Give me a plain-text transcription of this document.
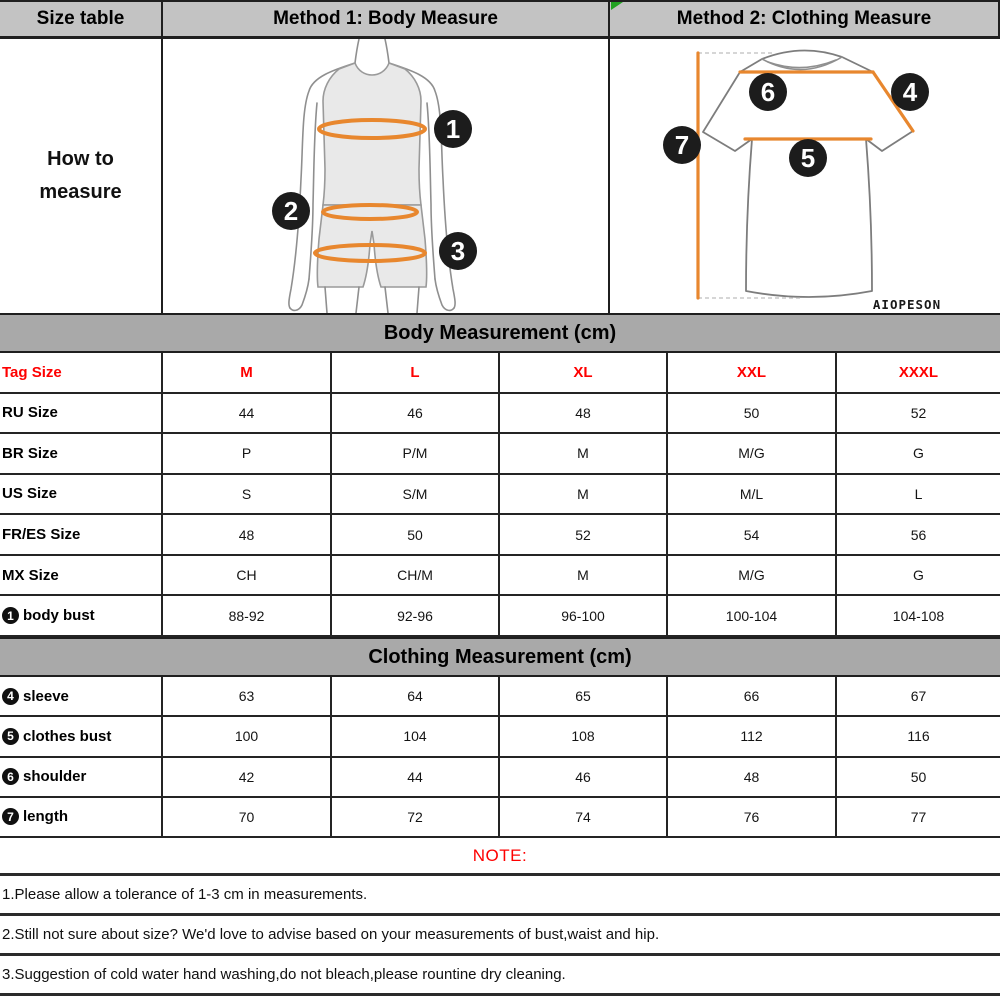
Size table	Method 1: Body Measure	Method 2: Clothing Measure
How to measure
1
2
3
6	4
5
7
AIOPESON
Body Measurement (cm)
Tag Size	M	L	XL	XXL	XXXL
RU Size	44	46	48	50	52
BR Size	P	P/M	M	M/G	G
US Size	S	S/M	M	M/L	L
FR/ES Size	48	50	52	54	56
MX Size	CH	CH/M	M	M/G	G
1 body bust	88-92	92-96	96-100	100-104	104-108
Clothing Measurement (cm)
4 sleeve	63	64	65	66	67
5 clothes bust	100	104	108	112	116
6 shoulder	42	44	46	48	50
7 length	70	72	74	76	77
NOTE:
1.Please allow a tolerance of 1-3 cm in measurements.
2.Still not sure about size? We'd love to advise based on your measurements of bust,waist and hip.
3.Suggestion of cold water hand washing,do not bleach,please rountine dry cleaning.
